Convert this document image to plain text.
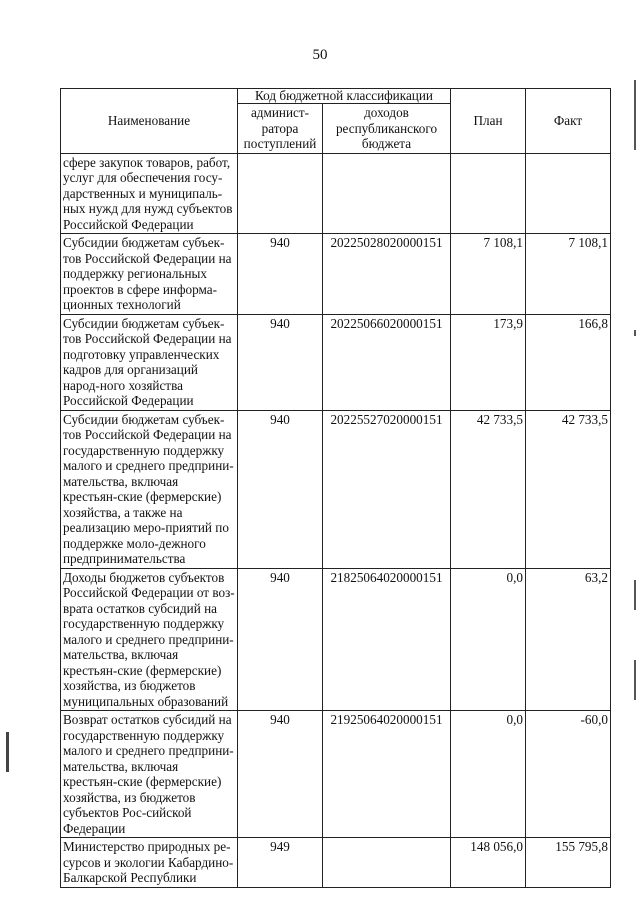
50
Наименование	Код бюджетной классификации		План	Факт
	админист-ратора поступлений	доходов республиканского бюджета		
сфере закупок товаров, работ, услуг для обеспечения госу-дарственных и муниципаль-ных нужд для нужд субъектов Российской Федерации				
Субсидии бюджетам субъек-тов Российской Федерации на поддержку региональных проектов в сфере информа-ционных технологий	940	20225028020000151	7 108,1	7 108,1
Субсидии бюджетам субъек-тов Российской Федерации на подготовку управленческих кадров для организаций народ-ного хозяйства Российской Федерации	940	20225066020000151	173,9	166,8
Субсидии бюджетам субъек-тов Российской Федерации на государственную поддержку малого и среднего предприни-мательства, включая крестьян-ские (фермерские) хозяйства, а также на реализацию меро-приятий по поддержке моло-дежного предпринимательства	940	20225527020000151	42 733,5	42 733,5
Доходы бюджетов субъектов Российской Федерации от воз-врата остатков субсидий на государственную поддержку малого и среднего предприни-мательства, включая крестьян-ские (фермерские) хозяйства, из бюджетов муниципальных образований	940	21825064020000151	0,0	63,2
Возврат остатков субсидий на государственную поддержку малого и среднего предприни-мательства, включая крестьян-ские (фермерские) хозяйства, из бюджетов субъектов Рос-сийской Федерации	940	21925064020000151	0,0	-60,0
Министерство природных ре-сурсов и экологии Кабардино-Балкарской Республики	949		148 056,0	155 795,8
